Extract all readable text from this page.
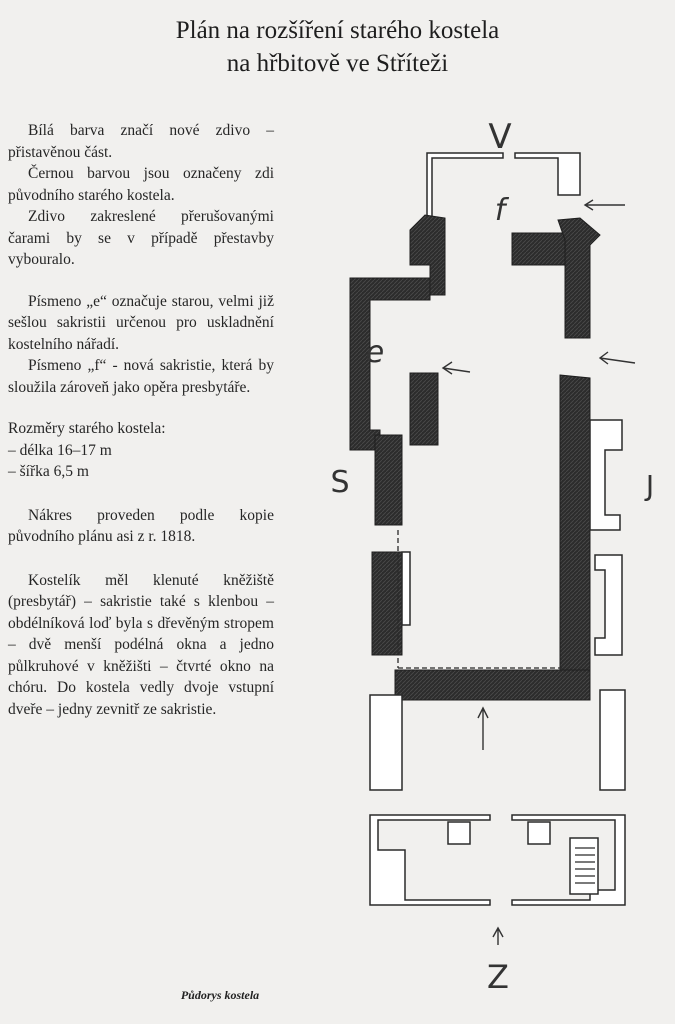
Plán na rozšíření starého kostela
na hřbitově ve Stříteži

Bílá barva značí nové zdivo – přistavěnou část.

Černou barvou jsou označeny zdi původního starého kostela.

Zdivo zakreslené přerušovanými čarami by se v případě přestavby vybouralo.

Písmeno „e“ označuje starou, velmi již sešlou sakristii určenou pro uskladnění kostelního nářadí.

Písmeno „f“ - nová sakristie, která by sloužila zároveň jako opěra presbytáře.

Rozměry starého kostela:

– délka 16–17 m

– šířka 6,5 m

Nákres proveden podle kopie původního plánu asi z r. 1818.

Kostelík měl klenuté kněžiště (presbytář) – sakristie také s klenbou – obdélníková loď byla s dřevěným stropem – dvě menší podélná okna a jedno půlkruhové v kněžišti – čtvrté okno na chóru. Do kostela vedly dvoje vstupní dveře – jedny zevnitř ze sakristie.

V
f
e
S	J
Z
Půdorys kostela
